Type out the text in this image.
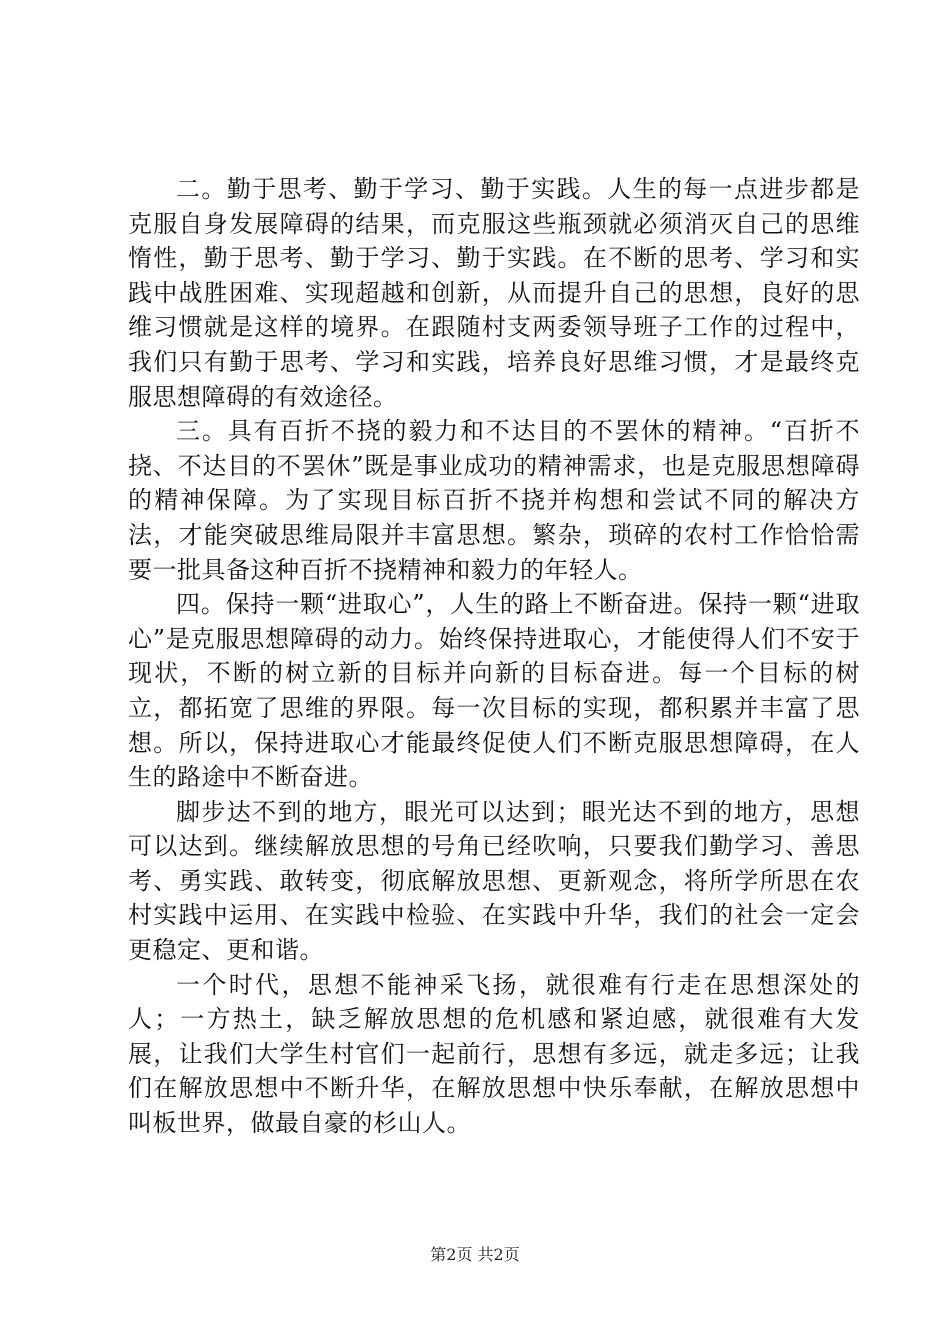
二。勤于思考、勤于学习、勤于实践。人生的每一点进步都是克服自身发展障碍的结果，而克服这些瓶颈就必须消灭自己的思维惰性，勤于思考、勤于学习、勤于实践。在不断的思考、学习和实践中战胜困难、实现超越和创新，从而提升自己的思想，良好的思维习惯就是这样的境界。在跟随村支两委领导班子工作的过程中，我们只有勤于思考、学习和实践，培养良好思维习惯，才是最终克服思想障碍的有效途径。

三。具有百折不挠的毅力和不达目的不罢休的精神。“百折不挠、不达目的不罢休”既是事业成功的精神需求，也是克服思想障碍的精神保障。为了实现目标百折不挠并构想和尝试不同的解决方法，才能突破思维局限并丰富思想。繁杂，琐碎的农村工作恰恰需要一批具备这种百折不挠精神和毅力的年轻人。

四。保持一颗“进取心”，人生的路上不断奋进。保持一颗“进取心”是克服思想障碍的动力。始终保持进取心，才能使得人们不安于现状，不断的树立新的目标并向新的目标奋进。每一个目标的树立，都拓宽了思维的界限。每一次目标的实现，都积累并丰富了思想。所以，保持进取心才能最终促使人们不断克服思想障碍，在人生的路途中不断奋进。

脚步达不到的地方，眼光可以达到；眼光达不到的地方，思想可以达到。继续解放思想的号角已经吹响，只要我们勤学习、善思考、勇实践、敢转变，彻底解放思想、更新观念，将所学所思在农村实践中运用、在实践中检验、在实践中升华，我们的社会一定会更稳定、更和谐。

一个时代，思想不能神采飞扬，就很难有行走在思想深处的人；一方热土，缺乏解放思想的危机感和紧迫感，就很难有大发展，让我们大学生村官们一起前行，思想有多远，就走多远；让我们在解放思想中不断升华，在解放思想中快乐奉献，在解放思想中叫板世界，做最自豪的杉山人。

第2页 共2页
